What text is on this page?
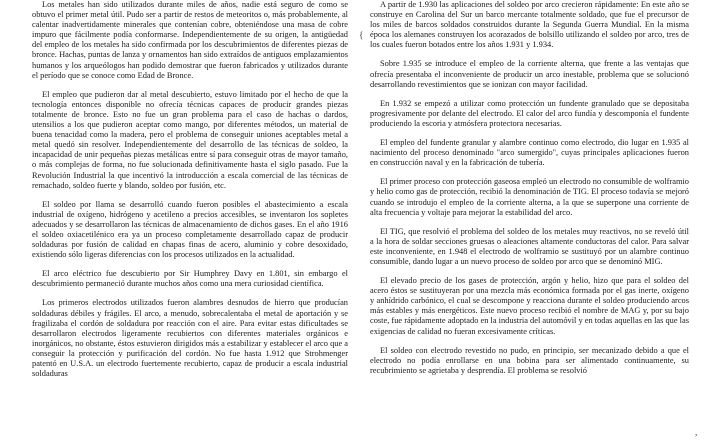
Los metales han sido utilizados durante miles de años, nadie está seguro de como se obtuvo el primer metal útil. Pudo ser a partir de restos de meteoritos o, más probablemente, al calentar inadvertidamente minerales que contenían cobre, obteniéndose una masa de cobre impuro que fácilmente podía conformarse. Independientemente de su origen, la antigüedad del empleo de los metales ha sido confirmada por los descubrimientos de diferentes piezas de bronce. Hachas, puntas de lanza y ornamentos han sido extraídos de antiguos emplazamientos humanos y los arqueólogos han podido demostrar que fueron fabricados y utilizados durante el período que se conoce como Edad de Bronce.

El empleo que pudieron dar al metal descubierto, estuvo limitado por el hecho de que la tecnología entonces disponible no ofrecía técnicas capaces de producir grandes piezas totalmente de bronce. Esto no fue un gran problema para el caso de hachas o dardos, utensilios a los que pudieron aceptar como mango, por diferentes métodos, un material de buena tenacidad como la madera, pero el problema de conseguir uniones aceptables metal a metal quedó sin resolver. Independientemente del desarrollo de las técnicas de soldeo, la incapacidad de unir pequeñas piezas metálicas entre sí para conseguir otras de mayor tamaño, o más complejas de forma, no fue solucionada definitivamente hasta el siglo pasado. Fue la Revolución Industrial la que incentivó la introducción a escala comercial de las técnicas de remachado, soldeo fuerte y blando, soldeo por fusión, etc.

El soldeo por llama se desarrolló cuando fueron posibles el abastecimiento a escala industrial de oxígeno, hidrógeno y acetileno a precios accesibles, se inventaron los sopletes adecuados y se desarrollaron las técnicas de almacenamiento de dichos gases. En el año 1916 el soldeo oxiacetilénico era ya un proceso completamente desarrollado capaz de producir soldaduras por fusión de calidad en chapas finas de acero, aluminio y cobre desoxidado, existiendo sólo ligeras diferencias con los procesos utilizados en la actualidad.

El arco eléctrico fue descubierto por Sir Humphrey Davy en 1.801, sin embargo el descubrimiento permaneció durante muchos años como una mera curiosidad científica.

Los primeros electrodos utilizados fueron alambres desnudos de hierro que producían soldaduras débiles y frágiles. El arco, a menudo, sobrecalentaba el metal de aportación y se fragilizaba el cordón de soldadura por reacción con el aire. Para evitar estas dificultades se desarrollaron electrodos ligeramente recubiertos con diferentes materiales orgánicos e inorgánicos, no obstante, éstos estuvieron dirigidos más a estabilizar y establecer el arco que a conseguir la protección y purificación del cordón. No fue hasta 1.912 que Strohmenger patentó en U.S.A. un electrodo fuertemente recubierto, capaz de producir a escala industrial soldaduras

{

A partir de 1.930 las aplicaciones del soldeo por arco crecieron rápidamente: En este año se construye en Carolina del Sur un barco mercante totalmente soldado, que fue el precursor de los miles de barcos soldados construidos durante la Segunda Guerra Mundial. En la misma época los alemanes construyen los acorazados de bolsillo utilizando el soldeo por arco, tres de los cuales fueron botados entre los años 1.931 y 1.934.

Sobre 1.935 se introduce el empleo de la corriente alterna, que frente a las ventajas que ofrecía presentaba el inconveniente de producir un arco inestable, problema que se solucionó desarrollando revestimientos que se ionizan con mayor facilidad.

En 1.932 se empezó a utilizar como protección un fundente granulado que se depositaba progresivamente por delante del electrodo. El calor del arco fundía y descomponía el fundente produciendo la escoria y atmósfera protectora necesarias.

El empleo del fundente granular y alambre continuo como electrodo, dio lugar en 1.935 al nacimiento del proceso denominado "arco sumergido", cuyas principales aplicaciones fueron en construcción naval y en la fabricación de tubería.

El primer proceso con protección gaseosa empleó un electrodo no consumible de wolframio y helio como gas de protección, recibió la denominación de TIG. El proceso todavía se mejoró cuando se introdujo el empleo de la corriente alterna, a la que se superpone una corriente de alta frecuencia y voltaje para mejorar la estabilidad del arco.

El TIG, que resolvió el problema del soldeo de los metales muy reactivos, no se reveló útil a la hora de soldar secciones gruesas o aleaciones altamente conductoras del calor. Para salvar este inconveniente, en 1.948 el electrodo de wolframio se sustituyó por un alambre continuo consumible, dando lugar a un nuevo proceso de soldeo por arco que se denominó MIG.

El elevado precio de los gases de protección, argón y helio, hizo que para el soldeo del acero éstos se sustituyeran por una mezcla más económica formada por el gas inerte, oxígeno y anhídrido carbónico, el cual se descompone y reacciona durante el soldeo produciendo arcos más estables y más energéticos. Este nuevo proceso recibió el nombre de MAG y, por su bajo coste, fue rápidamente adoptado en la industria del automóvil y en todas aquellas en las que las exigencias de calidad no fueran excesivamente críticas.

El soldeo con electrodo revestido no pudo, en principio, ser mecanizado debido a que el electrodo no podía enrollarse en una bobina para ser alimentado continuamente, su recubrimiento se agrietaba y desprendía. El problema se resolvió

,
